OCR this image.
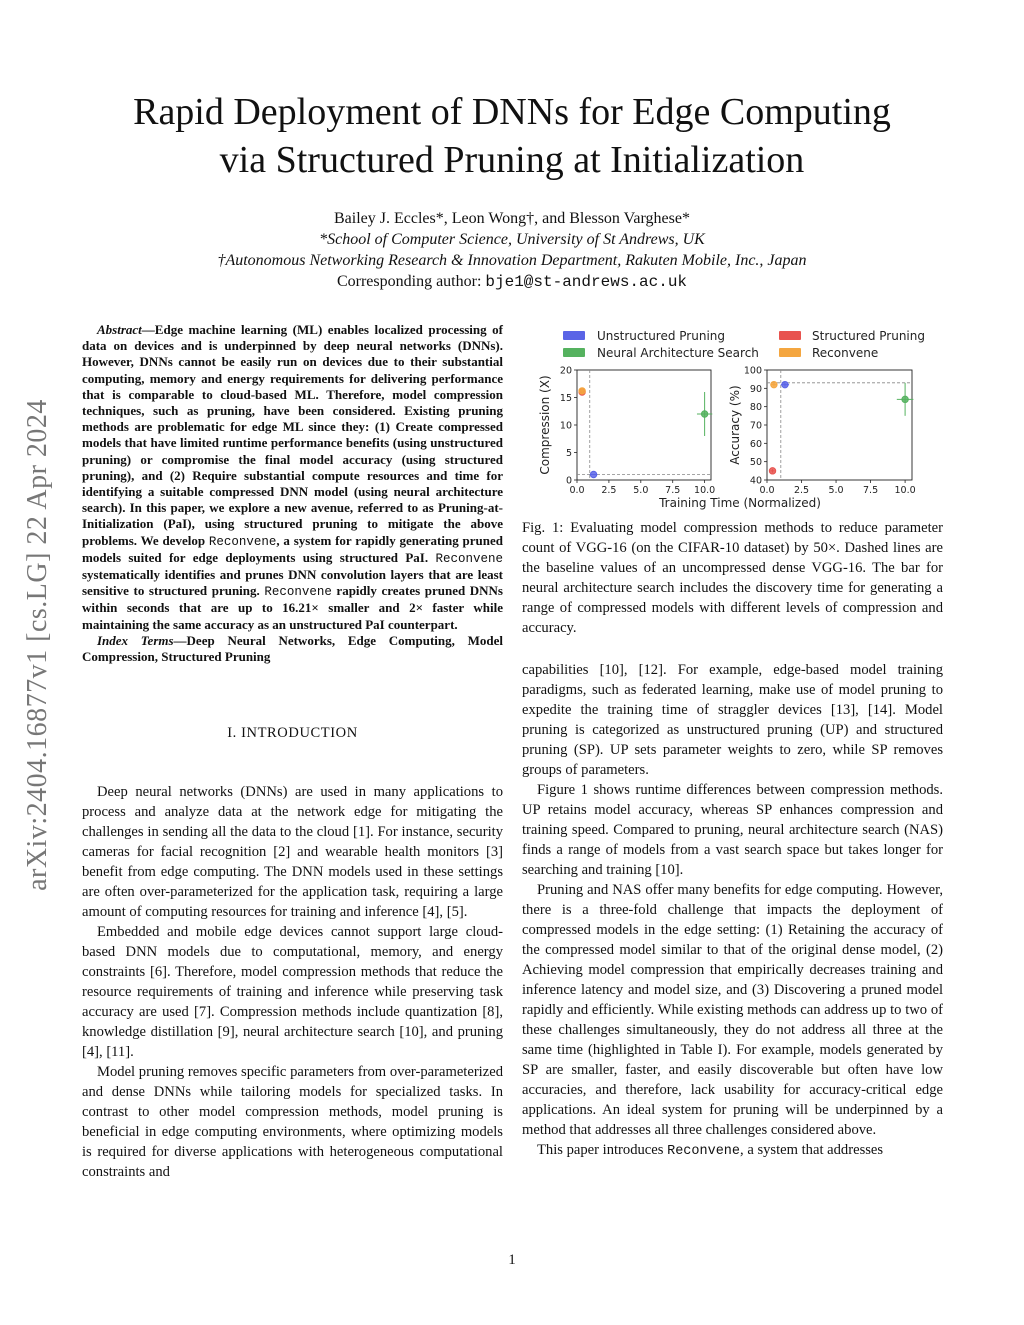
Rapid Deployment of DNNs for Edge Computing
via Structured Pruning at Initialization
Bailey J. Eccles*, Leon Wong†, and Blesson Varghese*
*School of Computer Science, University of St Andrews, UK
†Autonomous Networking Research & Innovation Department, Rakuten Mobile, Inc., Japan
Corresponding author: bje1@st-andrews.ac.uk
arXiv:2404.16877v1 [cs.LG] 22 Apr 2024

Abstract—Edge machine learning (ML) enables localized processing of data on devices and is underpinned by deep neural networks (DNNs). However, DNNs cannot be easily run on devices due to their substantial computing, memory and energy requirements for delivering performance that is comparable to cloud-based ML. Therefore, model compression techniques, such as pruning, have been considered. Existing pruning methods are problematic for edge ML since they: (1) Create compressed models that have limited runtime performance benefits (using unstructured pruning) or compromise the final model accuracy (using structured pruning), and (2) Require substantial compute resources and time for identifying a suitable compressed DNN model (using neural architecture search). In this paper, we explore a new avenue, referred to as Pruning-at-Initialization (PaI), using structured pruning to mitigate the above problems. We develop Reconvene, a system for rapidly generating pruned models suited for edge deployments using structured PaI. Reconvene systematically identifies and prunes DNN convolution layers that are least sensitive to structured pruning. Reconvene rapidly creates pruned DNNs within seconds that are up to 16.21× smaller and 2× faster while maintaining the same accuracy as an unstructured PaI counterpart.

Index Terms—Deep Neural Networks, Edge Computing, Model Compression, Structured Pruning

I. INTRODUCTION

Deep neural networks (DNNs) are used in many applications to process and analyze data at the network edge for mitigating the challenges in sending all the data to the cloud [1]. For instance, security cameras for facial recognition [2] and wearable health monitors [3] benefit from edge computing. The DNN models used in these settings are often over-parameterized for the application task, requiring a large amount of computing resources for training and inference [4], [5].

Embedded and mobile edge devices cannot support large cloud-based DNN models due to computational, memory, and energy constraints [6]. Therefore, model compression methods that reduce the resource requirements of training and inference while preserving task accuracy are used [7]. Compression methods include quantization [8], knowledge distillation [9], neural architecture search [10], and pruning [4], [11].

Model pruning removes specific parameters from over-parameterized and dense DNNs while tailoring models for specialized tasks. In contrast to other model compression methods, model pruning is beneficial in edge computing environments, where optimizing models is required for diverse applications with heterogeneous computational constraints and

Unstructured Pruning	Structured Pruning
Neural Architecture Search	Reconvene
0.0 2.5 5.0 7.5 10.0
0
5
10
15
20
Compression (X)
0.0 2.5 5.0 7.5 10.0
40
50
60
70
80
90
100
Accuracy (%)
Training Time (Normalized)
Fig. 1: Evaluating model compression methods to reduce parameter count of VGG-16 (on the CIFAR-10 dataset) by 50×. Dashed lines are the baseline values of an uncompressed dense VGG-16. The bar for neural architecture search includes the discovery time for generating a range of compressed models with different levels of compression and accuracy.

capabilities [10], [12]. For example, edge-based model training paradigms, such as federated learning, make use of model pruning to expedite the training time of straggler devices [13], [14]. Model pruning is categorized as unstructured pruning (UP) and structured pruning (SP). UP sets parameter weights to zero, while SP removes groups of parameters.

Figure 1 shows runtime differences between compression methods. UP retains model accuracy, whereas SP enhances compression and training speed. Compared to pruning, neural architecture search (NAS) finds a range of models from a vast search space but takes longer for searching and training [10].

Pruning and NAS offer many benefits for edge computing. However, there is a three-fold challenge that impacts the deployment of compressed models in the edge setting: (1) Retaining the accuracy of the compressed model similar to that of the original dense model, (2) Achieving model compression that empirically decreases training and inference latency and model size, and (3) Discovering a pruned model rapidly and efficiently. While existing methods can address up to two of these challenges simultaneously, they do not address all three at the same time (highlighted in Table I). For example, models generated by SP are smaller, faster, and easily discoverable but often have low accuracies, and therefore, lack usability for accuracy-critical edge applications. An ideal system for pruning will be underpinned by a method that addresses all three challenges considered above.

This paper introduces Reconvene, a system that addresses

1
